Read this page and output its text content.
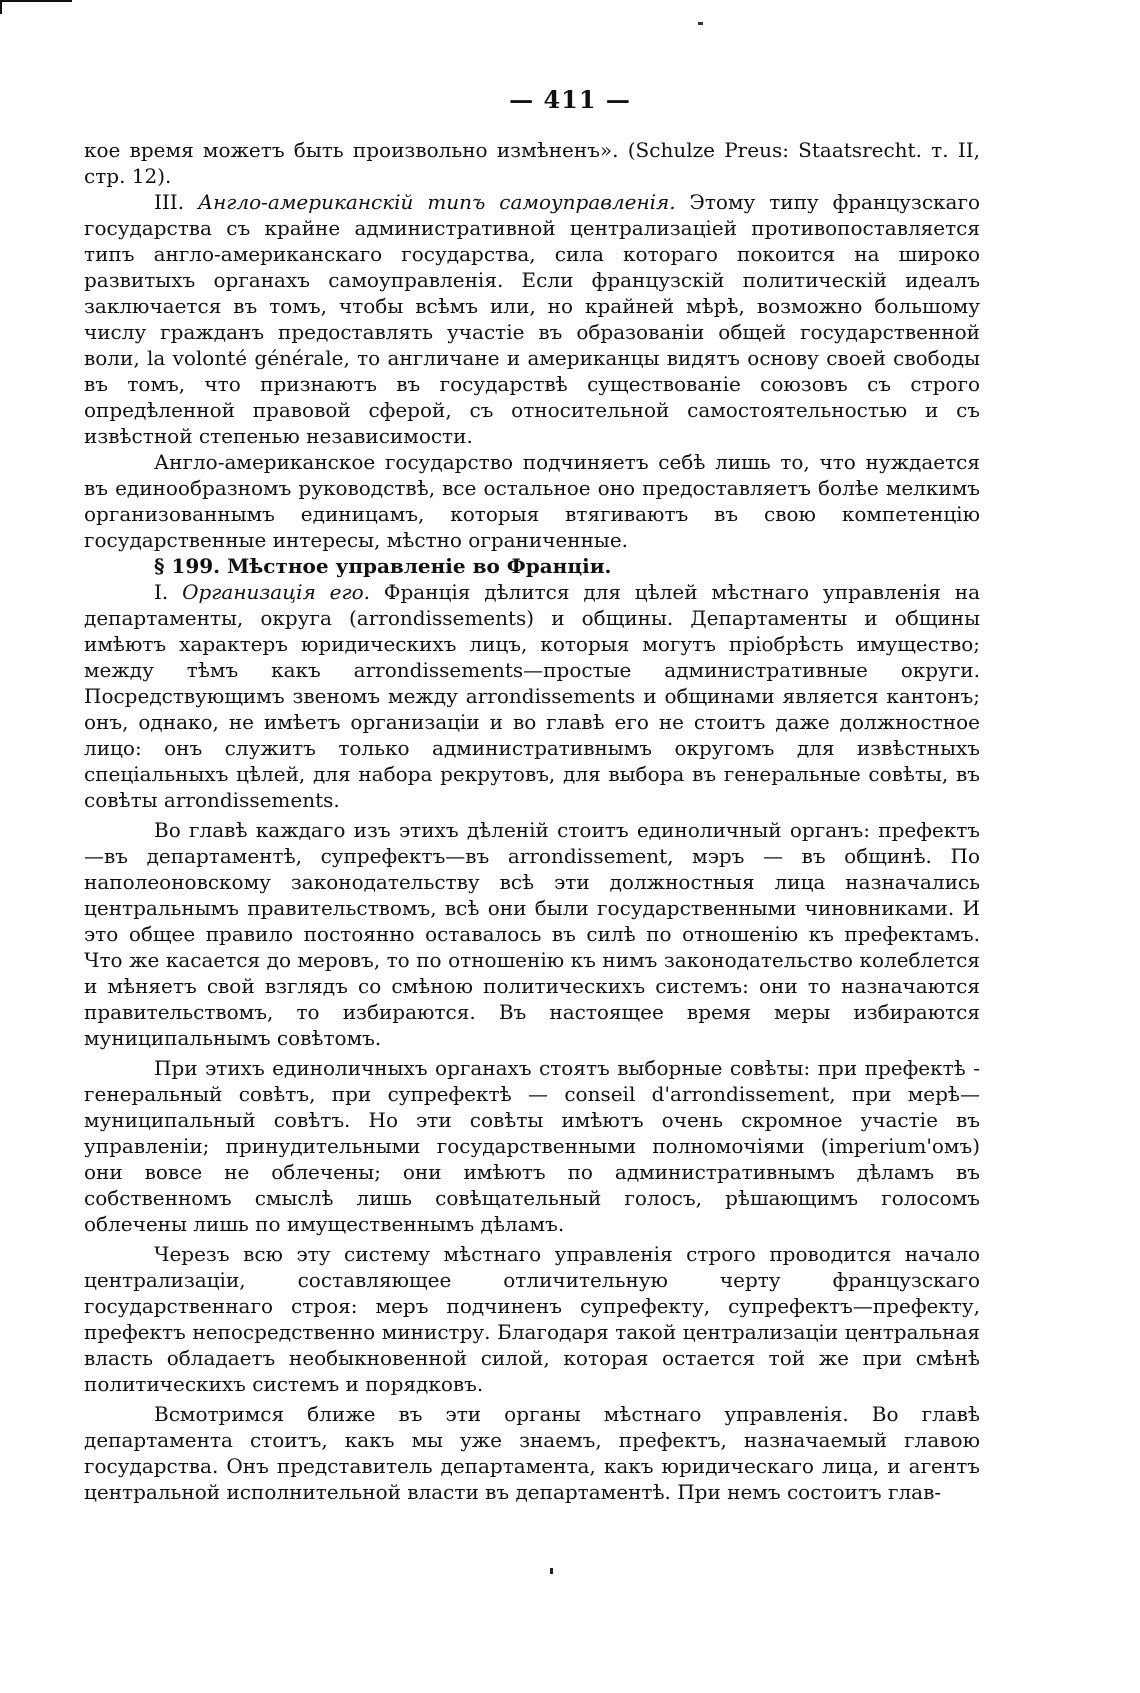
— 411 —

кое время можетъ быть произвольно измѣненъ». (Schulze Preus: Staatsrecht. т. II, стр. 12).

III. Англо-американскій типъ самоуправленія. Этому типу французскаго государства съ крайне административной централизаціей противопоставляется типъ англо-американскаго государства, сила котораго покоится на широко развитыхъ органахъ самоуправленія. Если французскій политическій идеалъ заключается въ томъ, чтобы всѣмъ или, но крайней мѣрѣ, возможно большому числу гражданъ предоставлять участіе въ образованіи общей государственной воли, la volonté générale, то англичане и американцы видятъ основу своей свободы въ томъ, что признаютъ въ государствѣ существованіе союзовъ съ строго опредѣленной правовой сферой, съ относительной самостоятельностью и съ извѣстной степенью независимости.

Англо-американское государство подчиняетъ себѣ лишь то, что нуждается въ единообразномъ руководствѣ, все остальное оно предоставляетъ болѣе мелкимъ организованнымъ единицамъ, которыя втягиваютъ въ свою компетенцію государственные интересы, мѣстно ограниченные.

§ 199. Мѣстное управленіе во Франціи.

I. Организація его. Франція дѣлится для цѣлей мѣстнаго управленія на департаменты, округа (arrondissements) и общины. Департаменты и общины имѣютъ характеръ юридическихъ лицъ, которыя могутъ пріобрѣсть имущество; между тѣмъ какъ arrondissements—простые административные округи. Посредствующимъ звеномъ между arrondissements и общинами является кантонъ; онъ, однако, не имѣетъ организаціи и во главѣ его не стоитъ даже должностное лицо: онъ служитъ только административнымъ округомъ для извѣстныхъ спеціальныхъ цѣлей, для набора рекрутовъ, для выбора въ генеральные совѣты, въ совѣты arrondissements.

Во главѣ каждаго изъ этихъ дѣленій стоитъ единоличный органъ: префектъ—въ департаментѣ, супрефектъ—въ arrondissement, мэръ — въ общинѣ. По наполеоновскому законодательству всѣ эти должностныя лица назначались центральнымъ правительствомъ, всѣ они были государственными чиновниками. И это общее правило постоянно оставалось въ силѣ по отношенію къ префектамъ. Что же касается до меровъ, то по отношенію къ нимъ законодательство колеблется и мѣняетъ свой взглядъ со смѣною политическихъ системъ: они то назначаются правительствомъ, то избираются. Въ настоящее время меры избираются муниципальнымъ совѣтомъ.

При этихъ единоличныхъ органахъ стоятъ выборные совѣты: при префектѣ - генеральный совѣтъ, при супрефектѣ — conseil d'arrondissement, при мерѣ—муниципальный совѣтъ. Но эти совѣты имѣютъ очень скромное участіе въ управленіи; принудительными государственными полномочіями (imperium'омъ) они вовсе не облечены; они имѣютъ по административнымъ дѣламъ въ собственномъ смыслѣ лишь совѣщательный голосъ, рѣшающимъ голосомъ облечены лишь по имущественнымъ дѣламъ.

Черезъ всю эту систему мѣстнаго управленія строго проводится начало централизаціи, составляющее отличительную черту французскаго государственнаго строя: меръ подчиненъ супрефекту, супрефектъ—префекту, префектъ непосредственно министру. Благодаря такой централизаціи центральная власть обладаетъ необыкновенной силой, которая остается той же при смѣнѣ политическихъ системъ и порядковъ.

Всмотримся ближе въ эти органы мѣстнаго управленія. Во главѣ департамента стоитъ, какъ мы уже знаемъ, префектъ, назначаемый главою государства. Онъ представитель департамента, какъ юридическаго лица, и агентъ центральной исполнительной власти въ департаментѣ. При немъ состоитъ глав-
